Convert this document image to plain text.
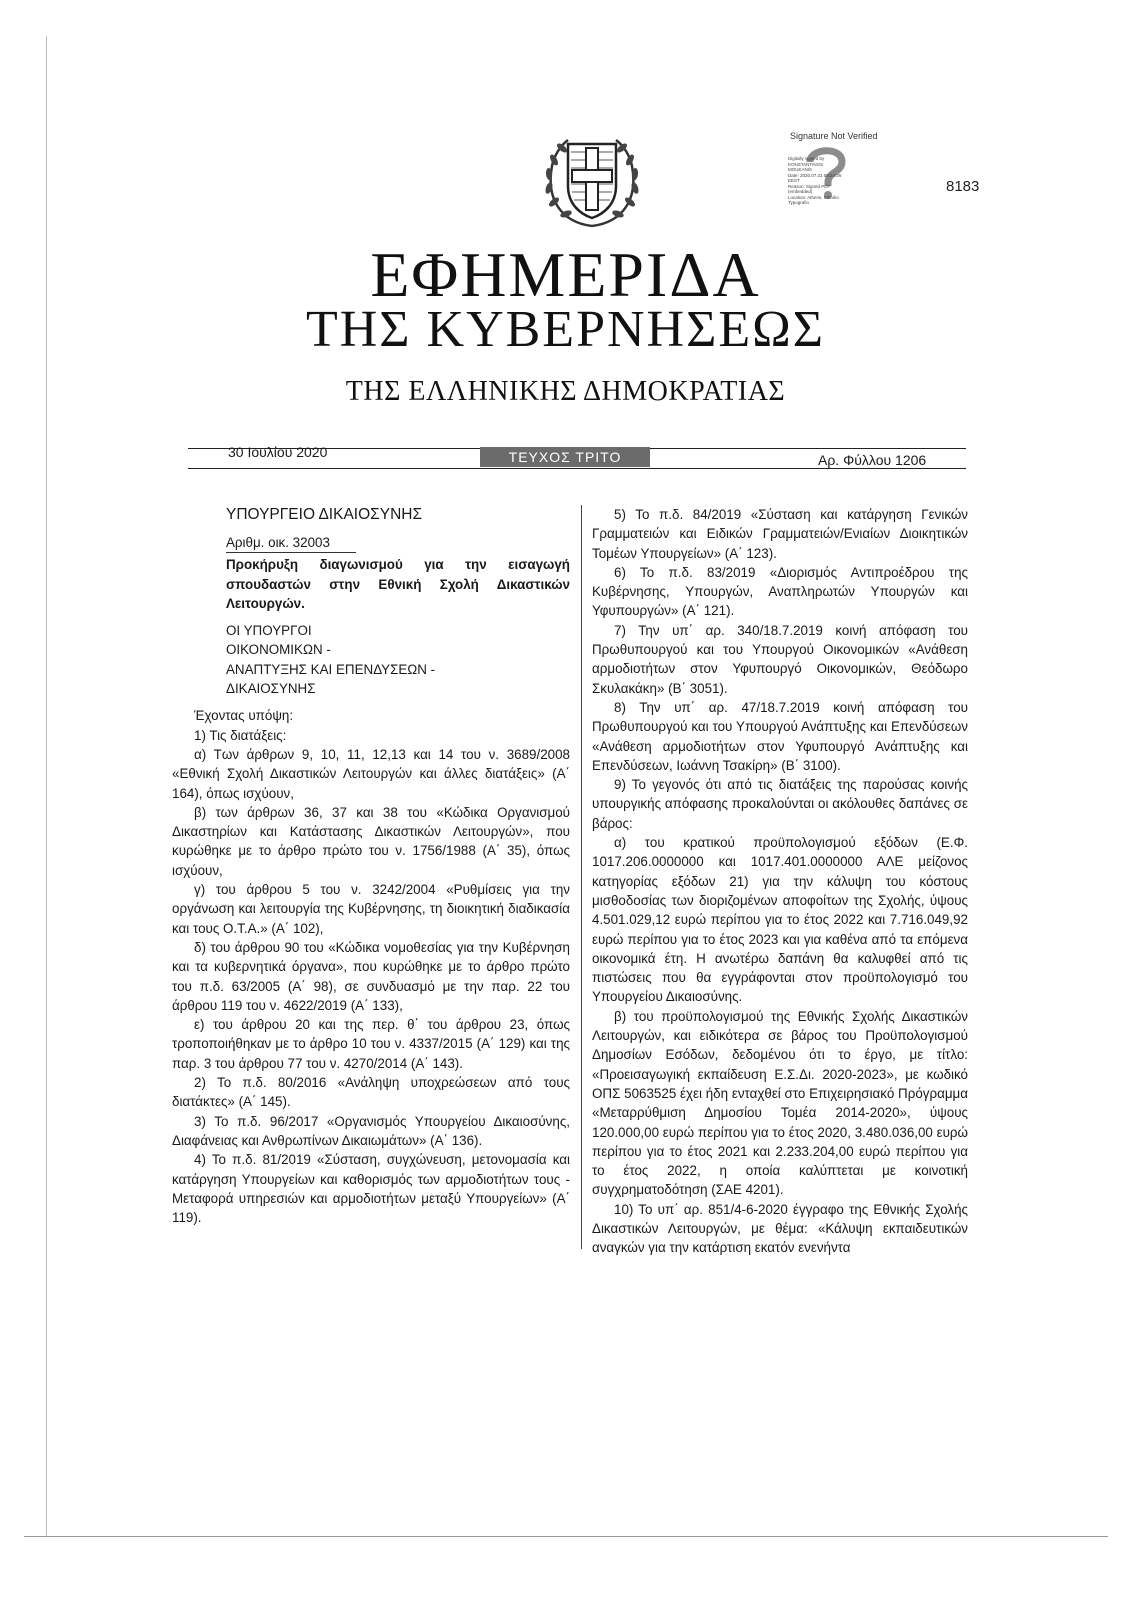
Signature Not Verified
Digitally signed by
KONSTANTINOS
MOUKANIS
Date: 2020.07.31 08:54:26
EEST
Reason: Signed PDF
(embedded)
Location: Athens, Ethniko
Typografio
8183
ΕΦΗΜΕΡΙΔΑ
ΤΗΣ ΚΥΒΕΡΝΗΣΕΩΣ
ΤΗΣ ΕΛΛΗΝΙΚΗΣ ΔΗΜΟΚΡΑΤΙΑΣ
30 Ιουλίου 2020	ΤΕΥΧΟΣ ΤΡΙΤΟ	Αρ. Φύλλου 1206

ΥΠΟΥΡΓΕΙΟ ΔΙΚΑΙΟΣΥΝΗΣ

Αριθμ. οικ. 32003

Προκήρυξη διαγωνισμού για την εισαγωγή σπουδαστών στην Εθνική Σχολή Δικαστικών Λειτουργών.

ΟΙ ΥΠΟΥΡΓΟΙ

ΟΙΚΟΝΟΜΙΚΩΝ -

ΑΝΑΠΤΥΞΗΣ ΚΑΙ ΕΠΕΝΔΥΣΕΩΝ -

ΔΙΚΑΙΟΣΥΝΗΣ

Έχοντας υπόψη:

1) Τις διατάξεις:

α) Των άρθρων 9, 10, 11, 12,13 και 14 του ν. 3689/2008 «Εθνική Σχολή Δικαστικών Λειτουργών και άλλες διατάξεις» (Α΄ 164), όπως ισχύουν,

β) των άρθρων 36, 37 και 38 του «Κώδικα Οργανισμού Δικαστηρίων και Κατάστασης Δικαστικών Λειτουργών», που κυρώθηκε με το άρθρο πρώτο του ν. 1756/1988 (Α΄ 35), όπως ισχύουν,

γ) του άρθρου 5 του ν. 3242/2004 «Ρυθμίσεις για την οργάνωση και λειτουργία της Κυβέρνησης, τη διοικητική διαδικασία και τους Ο.Τ.Α.» (Α΄ 102),

δ) του άρθρου 90 του «Κώδικα νομοθεσίας για την Κυβέρνηση και τα κυβερνητικά όργανα», που κυρώθηκε με το άρθρο πρώτο του π.δ. 63/2005 (Α΄ 98), σε συνδυασμό με την παρ. 22 του άρθρου 119 του ν. 4622/2019 (Α΄ 133),

ε) του άρθρου 20 και της περ. θ΄ του άρθρου 23, όπως τροποποιήθηκαν με το άρθρο 10 του ν. 4337/2015 (Α΄ 129) και της παρ. 3 του άρθρου 77 του ν. 4270/2014 (Α΄ 143).

2) Το π.δ. 80/2016 «Ανάληψη υποχρεώσεων από τους διατάκτες» (Α΄ 145).

3) Το π.δ. 96/2017 «Οργανισμός Υπουργείου Δικαιοσύνης, Διαφάνειας και Ανθρωπίνων Δικαιωμάτων» (Α΄ 136).

4) Το π.δ. 81/2019 «Σύσταση, συγχώνευση, μετονομασία και κατάργηση Υπουργείων και καθορισμός των αρμοδιοτήτων τους - Μεταφορά υπηρεσιών και αρμοδιοτήτων μεταξύ Υπουργείων» (Α΄ 119).

5) Το π.δ. 84/2019 «Σύσταση και κατάργηση Γενικών Γραμματειών και Ειδικών Γραμματειών/Ενιαίων Διοικητικών Τομέων Υπουργείων» (Α΄ 123).

6) Το π.δ. 83/2019 «Διορισμός Αντιπροέδρου της Κυβέρνησης, Υπουργών, Αναπληρωτών Υπουργών και Υφυπουργών» (Α΄ 121).

7) Την υπ΄ αρ. 340/18.7.2019 κοινή απόφαση του Πρωθυπουργού και του Υπουργού Οικονομικών «Ανάθεση αρμοδιοτήτων στον Υφυπουργό Οικονομικών, Θεόδωρο Σκυλακάκη» (Β΄ 3051).

8) Την υπ΄ αρ. 47/18.7.2019 κοινή απόφαση του Πρωθυπουργού και του Υπουργού Ανάπτυξης και Επενδύσεων «Ανάθεση αρμοδιοτήτων στον Υφυπουργό Ανάπτυξης και Επενδύσεων, Ιωάννη Τσακίρη» (Β΄ 3100).

9) Το γεγονός ότι από τις διατάξεις της παρούσας κοινής υπουργικής απόφασης προκαλούνται οι ακόλουθες δαπάνες σε βάρος:

α) του κρατικού προϋπολογισμού εξόδων (Ε.Φ. 1017.206.0000000 και 1017.401.0000000 ΑΛΕ μείζονος κατηγορίας εξόδων 21) για την κάλυψη του κόστους μισθοδοσίας των διοριζομένων αποφοίτων της Σχολής, ύψους 4.501.029,12 ευρώ περίπου για το έτος 2022 και 7.716.049,92 ευρώ περίπου για το έτος 2023 και για καθένα από τα επόμενα οικονομικά έτη. Η ανωτέρω δαπάνη θα καλυφθεί από τις πιστώσεις που θα εγγράφονται στον προϋπολογισμό του Υπουργείου Δικαιοσύνης.

β) του προϋπολογισμού της Εθνικής Σχολής Δικαστικών Λειτουργών, και ειδικότερα σε βάρος του Προϋπολογισμού Δημοσίων Εσόδων, δεδομένου ότι το έργο, με τίτλο: «Προεισαγωγική εκπαίδευση Ε.Σ.Δι. 2020-2023», με κωδικό ΟΠΣ 5063525 έχει ήδη ενταχθεί στο Επιχειρησιακό Πρόγραμμα «Μεταρρύθμιση Δημοσίου Τομέα 2014-2020», ύψους 120.000,00 ευρώ περίπου για το έτος 2020, 3.480.036,00 ευρώ περίπου για το έτος 2021 και 2.233.204,00 ευρώ περίπου για το έτος 2022, η οποία καλύπτεται με κοινοτική συγχρηματοδότηση (ΣΑΕ 4201).

10) Το υπ΄ αρ. 851/4-6-2020 έγγραφο της Εθνικής Σχολής Δικαστικών Λειτουργών, με θέμα: «Κάλυψη εκπαιδευτικών αναγκών για την κατάρτιση εκατόν ενενήντα
